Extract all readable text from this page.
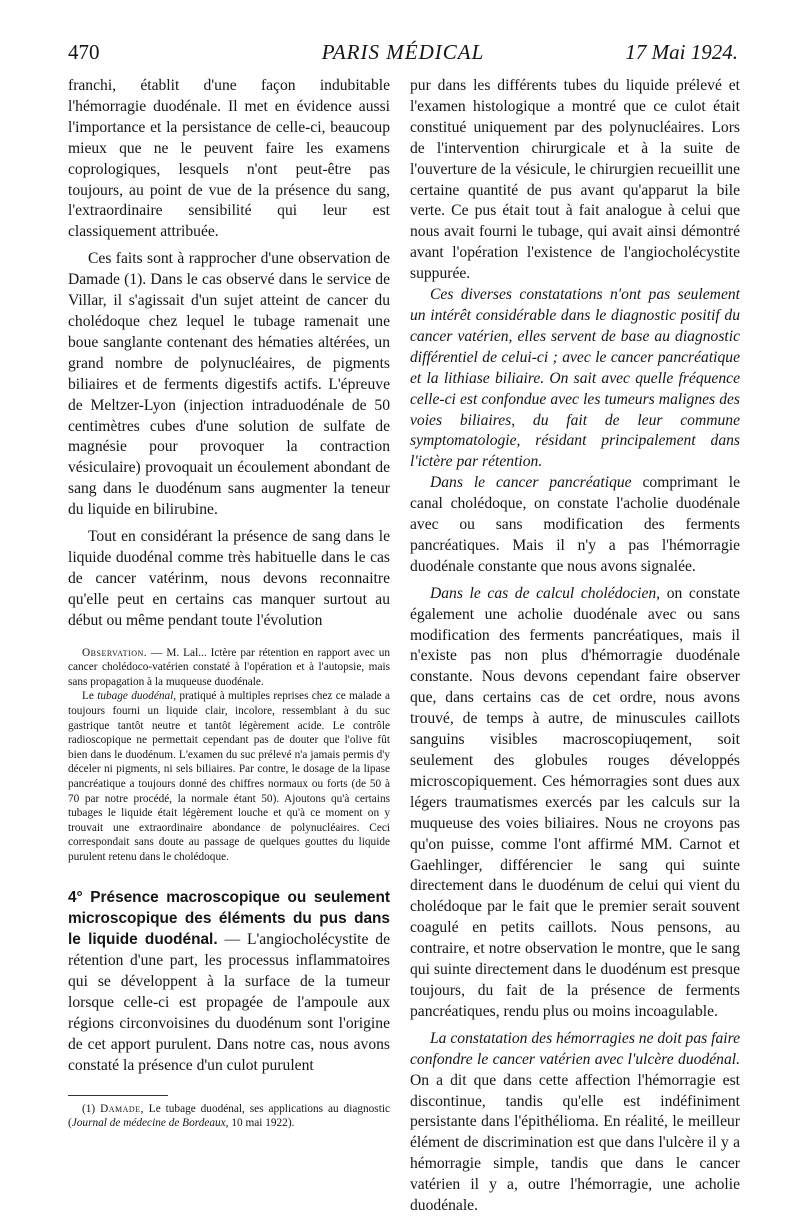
470	PARIS MÉDICAL	17 Mai 1924.

franchi, établit d'une façon indubitable l'hémorragie duodénale. Il met en évidence aussi l'importance et la persistance de celle-ci, beaucoup mieux que ne le peuvent faire les examens coprologiques, lesquels n'ont peut-être pas toujours, au point de vue de la présence du sang, l'extraordinaire sensibilité qui leur est classiquement attribuée.

Ces faits sont à rapprocher d'une observation de Damade (1). Dans le cas observé dans le service de Villar, il s'agissait d'un sujet atteint de cancer du cholédoque chez lequel le tubage ramenait une boue sanglante contenant des hématies altérées, un grand nombre de polynucléaires, de pigments biliaires et de ferments digestifs actifs. L'épreuve de Meltzer-Lyon (injection intraduodénale de 50 centimètres cubes d'une solution de sulfate de magnésie pour provoquer la contraction vésiculaire) provoquait un écoulement abondant de sang dans le duodénum sans augmenter la teneur du liquide en bilirubine.

Tout en considérant la présence de sang dans le liquide duodénal comme très habituelle dans le cas de cancer vatérinm, nous devons reconnaitre qu'elle peut en certains cas manquer surtout au début ou même pendant toute l'évolution

Observation. — M. Lal... Ictère par rétention en rapport avec un cancer cholédoco-vatérien constaté à l'opération et à l'autopsie, mais sans propagation à la muqueuse duodénale.

Le tubage duodénal, pratiqué à multiples reprises chez ce malade a toujours fourni un liquide clair, incolore, ressemblant à du suc gastrique tantôt neutre et tantôt légèrement acide. Le contrôle radioscopique ne permettait cependant pas de douter que l'olive fût bien dans le duodénum. L'examen du suc prélevé n'a jamais permis d'y déceler ni pigments, ni sels biliaires. Par contre, le dosage de la lipase pancréatique a toujours donné des chiffres normaux ou forts (de 50 à 70 par notre procédé, la normale étant 50). Ajoutons qu'à certains tubages le liquide était légèrement louche et qu'à ce moment on y trouvait une extraordinaire abondance de polynucléaires. Ceci correspondait sans doute au passage de quelques gouttes du liquide purulent retenu dans le cholédoque.

4° Présence macroscopique ou seulement microscopique des éléments du pus dans le liquide duodénal. — L'angiocholécystite de rétention d'une part, les processus inflammatoires qui se développent à la surface de la tumeur lorsque celle-ci est propagée de l'ampoule aux régions circonvoisines du duodénum sont l'origine de cet apport purulent. Dans notre cas, nous avons constaté la présence d'un culot purulent

(1) Damade, Le tubage duodénal, ses applications au diagnostic (Journal de médecine de Bordeaux, 10 mai 1922).

pur dans les différents tubes du liquide prélevé et l'examen histologique a montré que ce culot était constitué uniquement par des polynucléaires. Lors de l'intervention chirurgicale et à la suite de l'ouverture de la vésicule, le chirurgien recueillit une certaine quantité de pus avant qu'apparut la bile verte. Ce pus était tout à fait analogue à celui que nous avait fourni le tubage, qui avait ainsi démontré avant l'opération l'existence de l'angiocholécystite suppurée.

Ces diverses constatations n'ont pas seulement un intérêt considérable dans le diagnostic positif du cancer vatérien, elles servent de base au diagnostic différentiel de celui-ci ; avec le cancer pancréatique et la lithiase biliaire. On sait avec quelle fréquence celle-ci est confondue avec les tumeurs malignes des voies biliaires, du fait de leur commune symptomatologie, résidant principalement dans l'ictère par rétention.

Dans le cancer pancréatique comprimant le canal cholédoque, on constate l'acholie duodénale avec ou sans modification des ferments pancréatiques. Mais il n'y a pas l'hémorragie duodénale constante que nous avons signalée.

Dans le cas de calcul cholédocien, on constate également une acholie duodénale avec ou sans modification des ferments pancréatiques, mais il n'existe pas non plus d'hémorragie duodénale constante. Nous devons cependant faire observer que, dans certains cas de cet ordre, nous avons trouvé, de temps à autre, de minuscules caillots sanguins visibles macroscopiuqement, soit seulement des globules rouges développés microscopiquement. Ces hémorragies sont dues aux légers traumatismes exercés par les calculs sur la muqueuse des voies biliaires. Nous ne croyons pas qu'on puisse, comme l'ont affirmé MM. Carnot et Gaehlinger, différencier le sang qui suinte directement dans le duodénum de celui qui vient du cholédoque par le fait que le premier serait souvent coagulé en petits caillots. Nous pensons, au contraire, et notre observation le montre, que le sang qui suinte directement dans le duodénum est presque toujours, du fait de la présence de ferments pancréatiques, rendu plus ou moins incoagulable.

La constatation des hémorragies ne doit pas faire confondre le cancer vatérien avec l'ulcère duodénal. On a dit que dans cette affection l'hémorragie est discontinue, tandis qu'elle est indéfiniment persistante dans l'épithélioma. En réalité, le meilleur élément de discrimination est que dans l'ulcère il y a hémorragie simple, tandis que dans le cancer vatérien il y a, outre l'hémorragie, une acholie duodénale.
